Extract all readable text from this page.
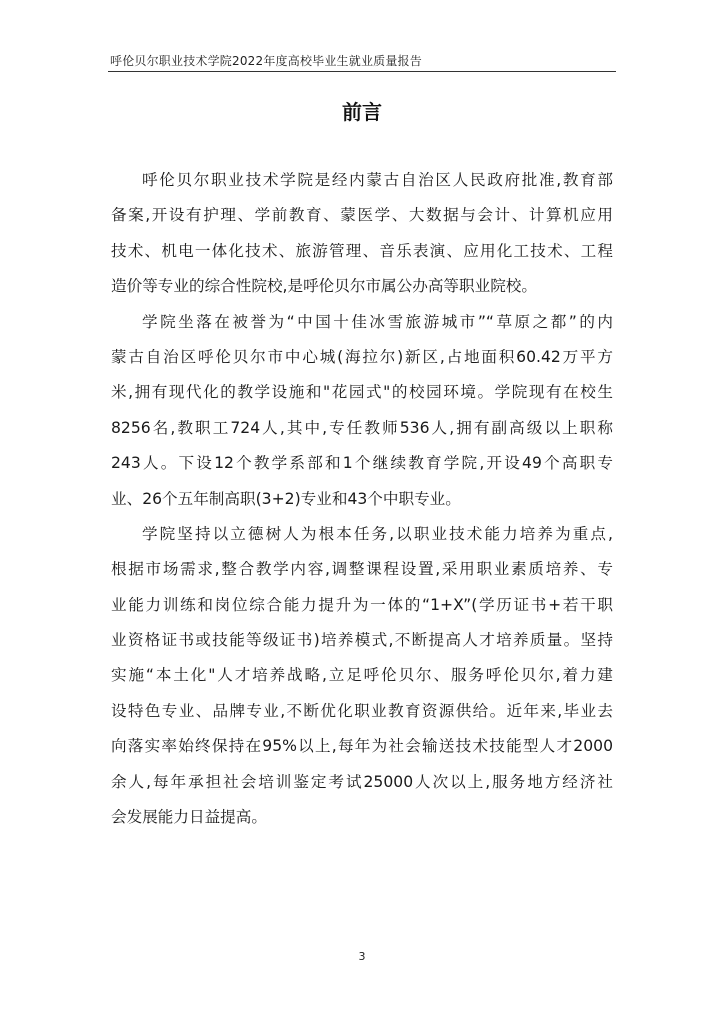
呼伦贝尔职业技术学院2022年度高校毕业生就业质量报告
前言
呼伦贝尔职业技术学院是经内蒙古自治区人民政府批准,教育部
备案,开设有护理、学前教育、蒙医学、大数据与会计、计算机应用
技术、机电一体化技术、旅游管理、音乐表演、应用化工技术、工程
造价等专业的综合性院校,是呼伦贝尔市属公办高等职业院校。
学院坐落在被誉为“中国十佳冰雪旅游城市”“草原之都”的内
蒙古自治区呼伦贝尔市中心城(海拉尔)新区,占地面积60.42万平方
米,拥有现代化的教学设施和"花园式"的校园环境。学院现有在校生
8256名,教职工724人,其中,专任教师536人,拥有副高级以上职称
243人。下设12个教学系部和1个继续教育学院,开设49个高职专
业、26个五年制高职(3+2)专业和43个中职专业。
学院坚持以立德树人为根本任务,以职业技术能力培养为重点,
根据市场需求,整合教学内容,调整课程设置,采用职业素质培养、专
业能力训练和岗位综合能力提升为一体的“1+X”(学历证书+若干职
业资格证书或技能等级证书)培养模式,不断提高人才培养质量。坚持
实施“本土化"人才培养战略,立足呼伦贝尔、服务呼伦贝尔,着力建
设特色专业、品牌专业,不断优化职业教育资源供给。近年来,毕业去
向落实率始终保持在95%以上,每年为社会输送技术技能型人才2000
余人,每年承担社会培训鉴定考试25000人次以上,服务地方经济社
会发展能力日益提高。
3
